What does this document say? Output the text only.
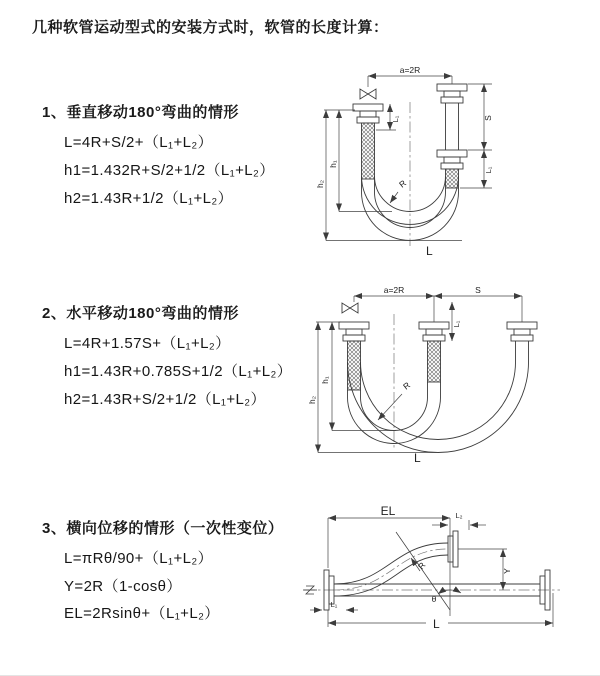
几种软管运动型式的安装方式时，软管的长度计算：
1、垂直移动180°弯曲的情形
L=4R+S/2+（L₁+L₂）
h1=1.432R+S/2+1/2（L₁+L₂）
h2=1.43R+1/2（L₁+L₂）
2、水平移动180°弯曲的情形
L=4R+1.57S+（L₁+L₂）
h1=1.43R+0.785S+1/2（L₁+L₂）
h2=1.43R+S/2+1/2（L₁+L₂）
3、横向位移的情形（一次性变位）
L=πRθ/90+（L₁+L₂）
Y=2R（1-cosθ）
EL=2Rsinθ+（L₁+L₂）
a=2R
h₁
h₂
L₁	S
L₁
R
L
a=2R	S
h₁
h₂
L₁
R
L
EL	L₂
Y
L
L₁
R
θ
